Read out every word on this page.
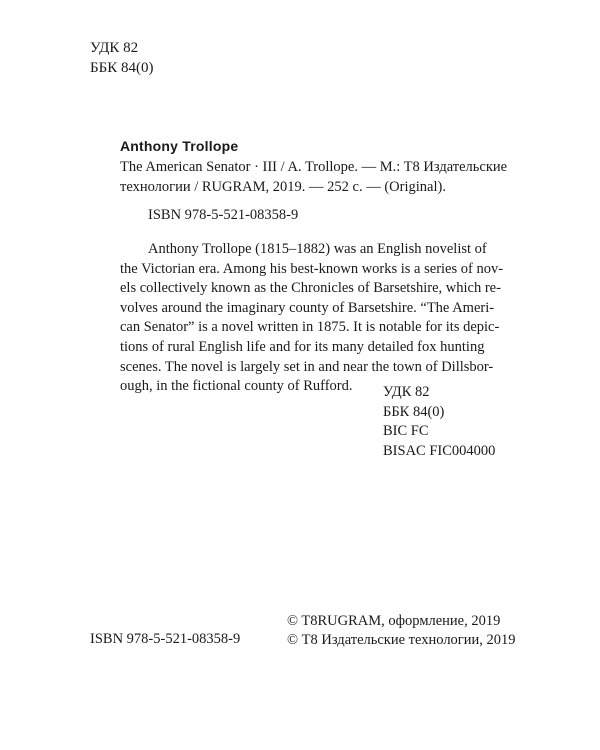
УДК 82
ББК 84(0)
Anthony Trollope
The American Senator · III / A. Trollope. — M.: T8 Издательские
технологии / RUGRAM, 2019. — 252 с. — (Original).
ISBN 978-5-521-08358-9
Anthony Trollope (1815–1882) was an English novelist of
the Victorian era. Among his best-known works is a series of nov-
els collectively known as the Chronicles of Barsetshire, which re-
volves around the imaginary county of Barsetshire. “The Ameri-
can Senator” is a novel written in 1875. It is notable for its depic-
tions of rural English life and for its many detailed fox hunting
scenes. The novel is largely set in and near the town of Dillsbor-
ough, in the fictional county of Rufford.	УДК 82
ББК 84(0)
BIC FC
BISAC FIC004000
© T8RUGRAM, оформление, 2019
© Т8 Издательские технологии, 2019
ISBN 978-5-521-08358-9
